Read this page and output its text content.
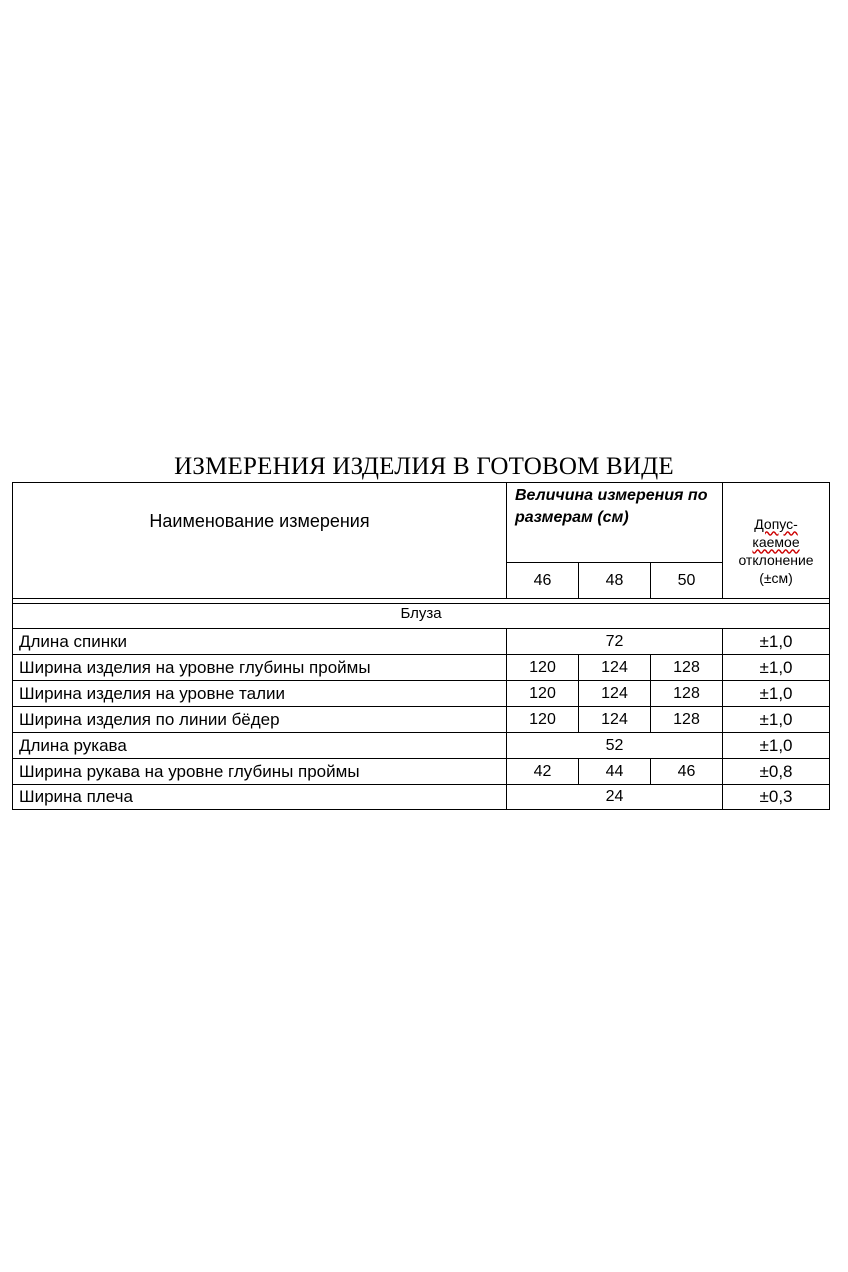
ИЗМЕРЕНИЯ ИЗДЕЛИЯ В ГОТОВОМ ВИДЕ
Наименование измерения	Величина измерения по размерам (см)			Допус-
каемое
отклонение
(±см)
	46	48	50	

Блуза				
Длина спинки	72			±1,0
Ширина изделия на уровне глубины проймы	120	124	128	±1,0
Ширина изделия на уровне талии	120	124	128	±1,0
Ширина изделия по линии бёдер	120	124	128	±1,0
Длина рукава	52			±1,0
Ширина рукава на уровне глубины проймы	42	44	46	±0,8
Ширина плеча	24			±0,3
